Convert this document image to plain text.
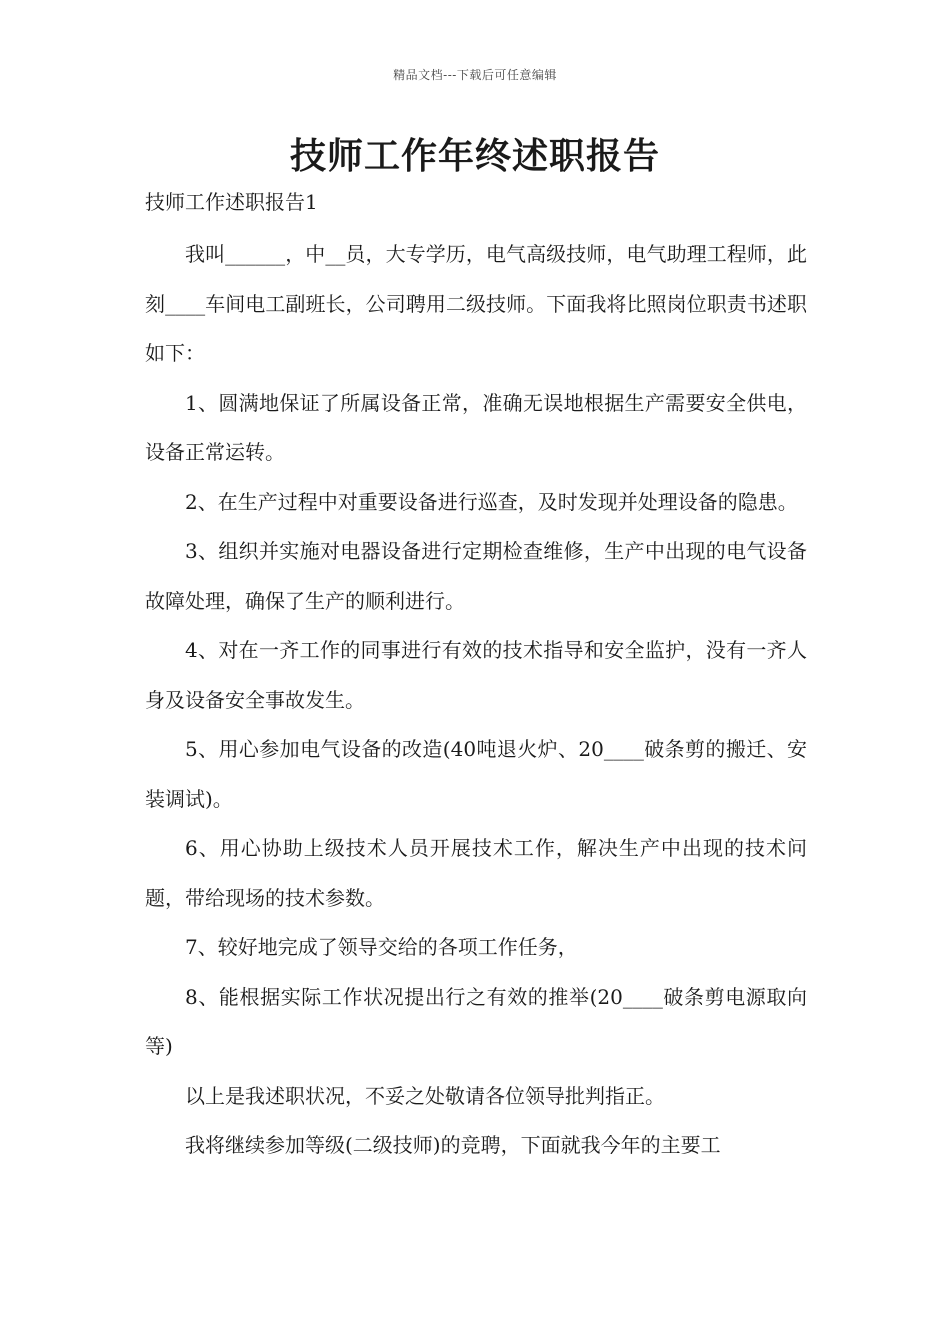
精品文档---下载后可任意编辑
技师工作年终述职报告
技师工作述职报告1

我叫______，中__员，大专学历，电气高级技师，电气助理工程师，此刻____车间电工副班长，公司聘用二级技师。下面我将比照岗位职责书述职如下：

1、圆满地保证了所属设备正常，准确无误地根据生产需要安全供电，设备正常运转。

2、在生产过程中对重要设备进行巡查，及时发现并处理设备的隐患。

3、组织并实施对电器设备进行定期检查维修，生产中出现的电气设备故障处理，确保了生产的顺利进行。

4、对在一齐工作的同事进行有效的技术指导和安全监护，没有一齐人身及设备安全事故发生。

5、用心参加电气设备的改造(40吨退火炉、20____破条剪的搬迁、安装调试)。

6、用心协助上级技术人员开展技术工作，解决生产中出现的技术问题，带给现场的技术参数。

7、较好地完成了领导交给的各项工作任务，

8、能根据实际工作状况提出行之有效的推举(20____破条剪电源取向等)

以上是我述职状况，不妥之处敬请各位领导批判指正。

我将继续参加等级(二级技师)的竞聘，下面就我今年的主要工
